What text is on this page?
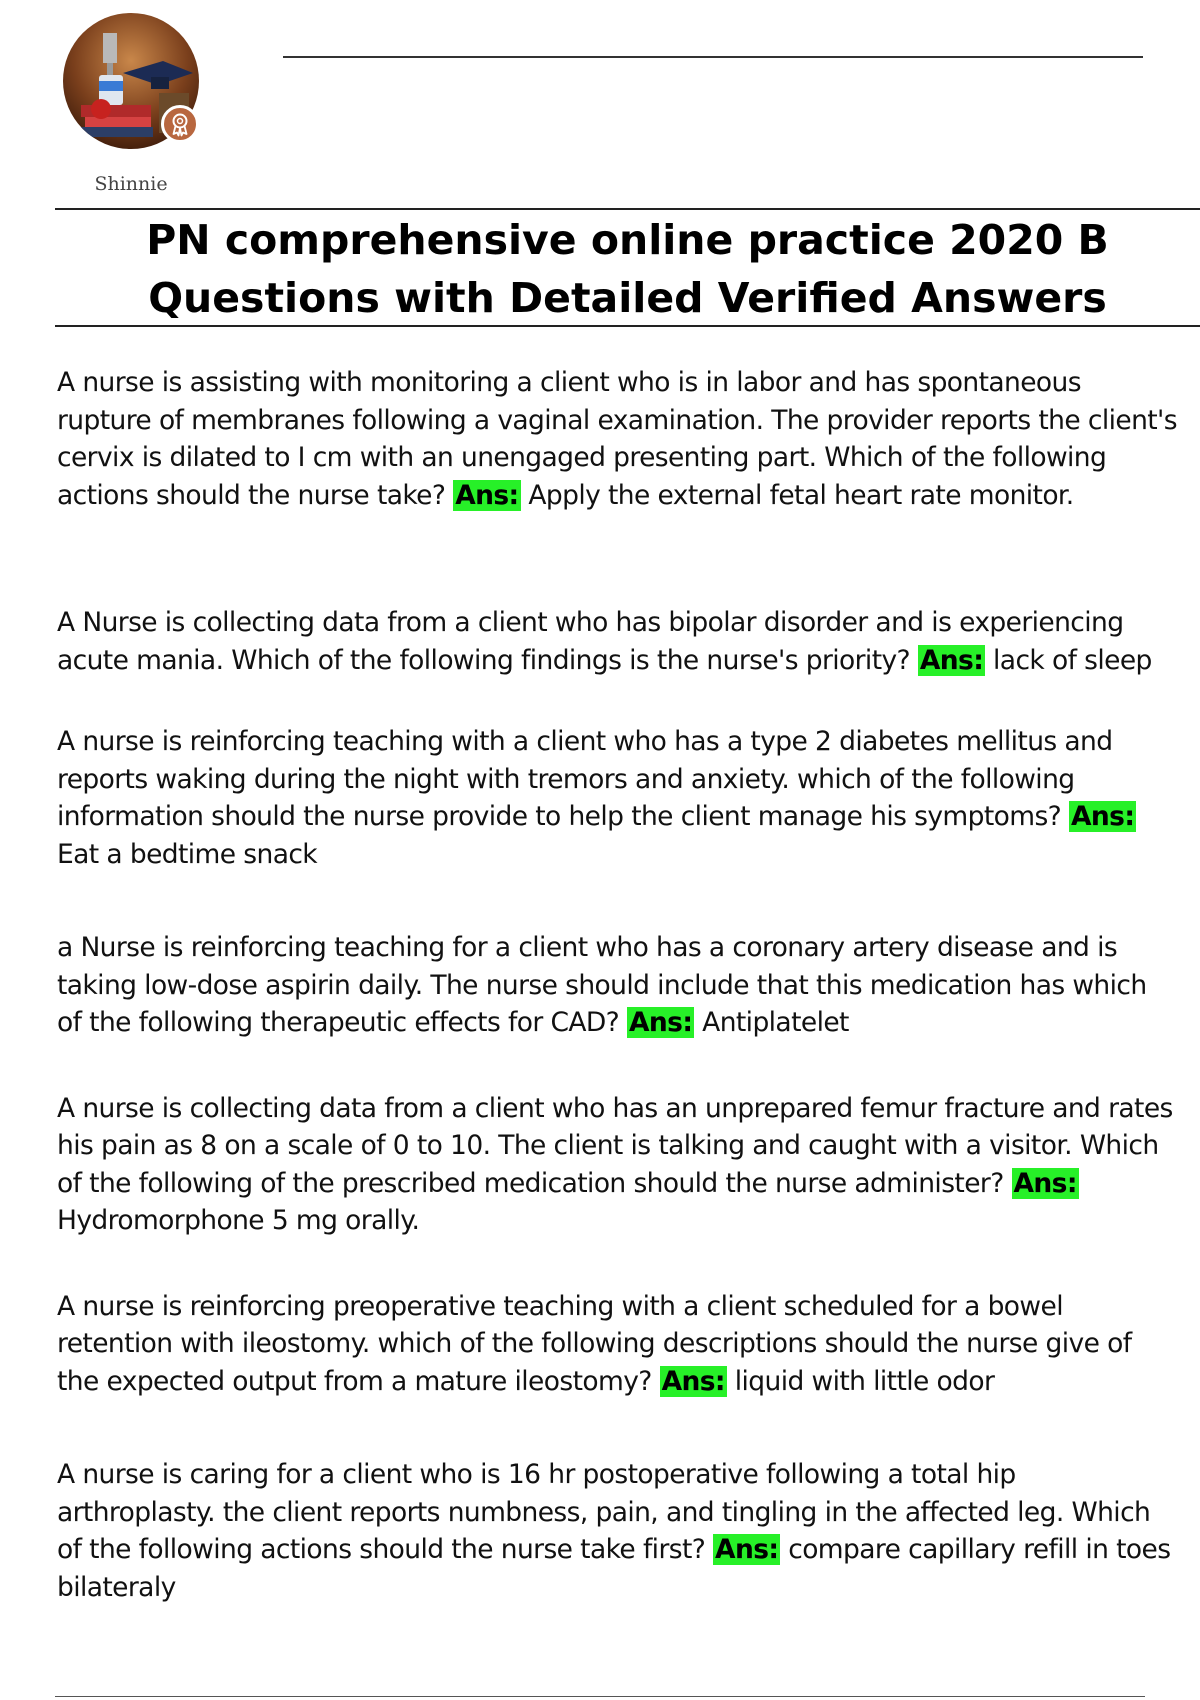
Shinnie
PN comprehensive online practice 2020 B
Questions with Detailed Verified Answers

A nurse is assisting with monitoring a client who is in labor and has spontaneous rupture of membranes following a vaginal examination. The provider reports the client's cervix is dilated to I cm with an unengaged presenting part. Which of the following actions should the nurse take? Ans: Apply the external fetal heart rate monitor.

A Nurse is collecting data from a client who has bipolar disorder and is experiencing acute mania. Which of the following findings is the nurse's priority? Ans: lack of sleep

A nurse is reinforcing teaching with a client who has a type 2 diabetes mellitus and reports waking during the night with tremors and anxiety. which of the following information should the nurse provide to help the client manage his symptoms? Ans: Eat a bedtime snack

a Nurse is reinforcing teaching for a client who has a coronary artery disease and is taking low-dose aspirin daily. The nurse should include that this medication has which of the following therapeutic effects for CAD? Ans: Antiplatelet

A nurse is collecting data from a client who has an unprepared femur fracture and rates his pain as 8 on a scale of 0 to 10. The client is talking and caught with a visitor. Which of the following of the prescribed medication should the nurse administer? Ans: Hydromorphone 5 mg orally.

A nurse is reinforcing preoperative teaching with a client scheduled for a bowel retention with ileostomy. which of the following descriptions should the nurse give of the expected output from a mature ileostomy? Ans: liquid with little odor

A nurse is caring for a client who is 16 hr postoperative following a total hip arthroplasty. the client reports numbness, pain, and tingling in the affected leg. Which of the following actions should the nurse take first? Ans: compare capillary refill in toes bilateraly
